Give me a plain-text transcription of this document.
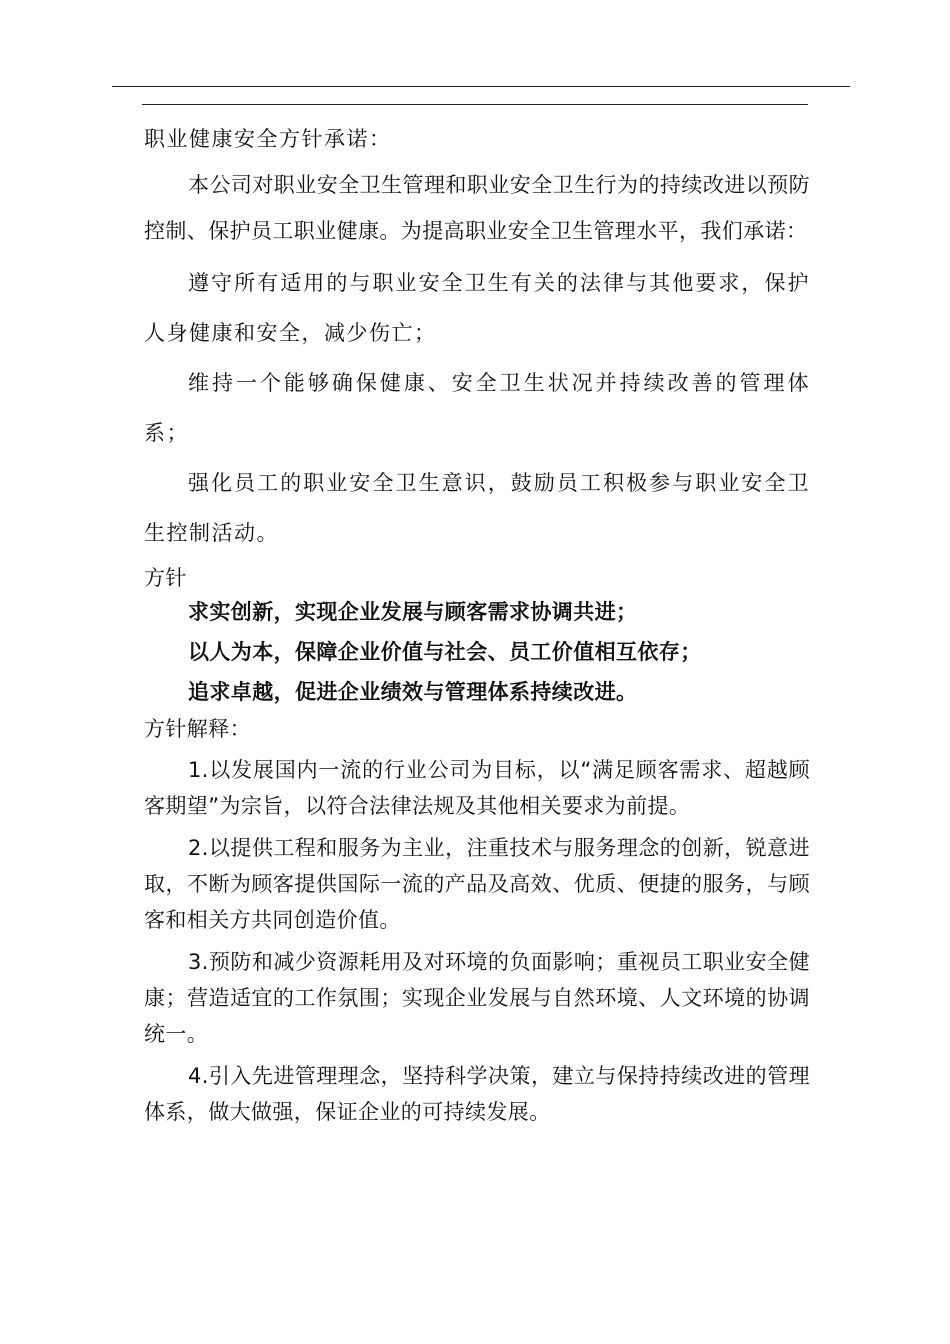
职业健康安全方针承诺：

本公司对职业安全卫生管理和职业安全卫生行为的持续改进以预防控制、保护员工职业健康。为提高职业安全卫生管理水平，我们承诺：

遵守所有适用的与职业安全卫生有关的法律与其他要求，保护人身健康和安全，减少伤亡；

维持一个能够确保健康、安全卫生状况并持续改善的管理体系；

强化员工的职业安全卫生意识，鼓励员工积极参与职业安全卫生控制活动。

方针

求实创新，实现企业发展与顾客需求协调共进；

以人为本，保障企业价值与社会、员工价值相互依存；

追求卓越，促进企业绩效与管理体系持续改进。

方针解释：

1.以发展国内一流的行业公司为目标，以“满足顾客需求、超越顾客期望”为宗旨，以符合法律法规及其他相关要求为前提。

2.以提供工程和服务为主业，注重技术与服务理念的创新，锐意进取，不断为顾客提供国际一流的产品及高效、优质、便捷的服务，与顾客和相关方共同创造价值。

3.预防和减少资源耗用及对环境的负面影响；重视员工职业安全健康；营造适宜的工作氛围；实现企业发展与自然环境、人文环境的协调统一。

4.引入先进管理理念，坚持科学决策，建立与保持持续改进的管理体系，做大做强，保证企业的可持续发展。
